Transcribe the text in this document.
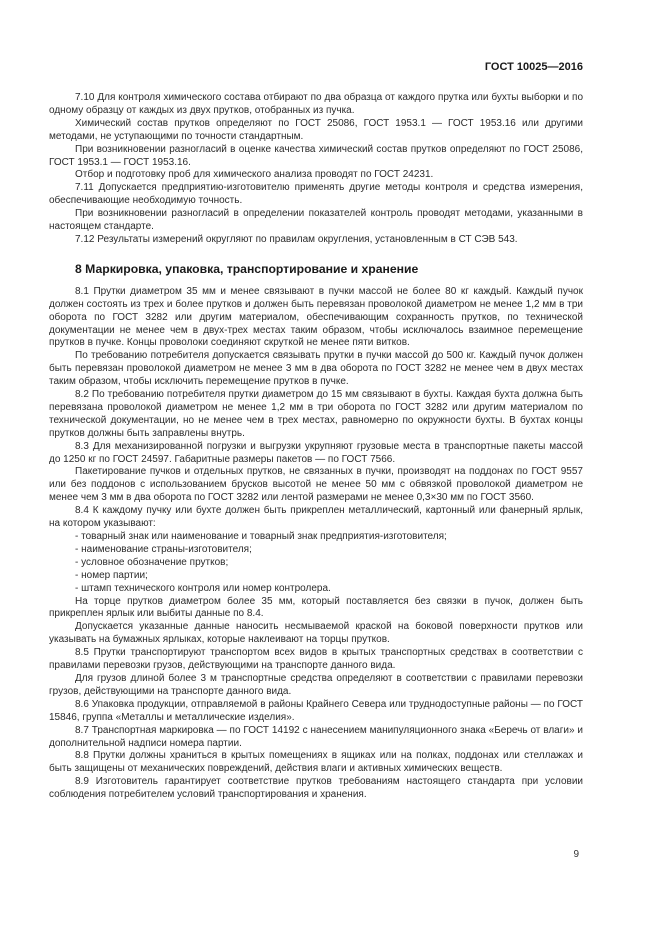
ГОСТ 10025—2016

7.10 Для контроля химического состава отбирают по два образца от каждого прутка или бухты выборки и по одному образцу от каждых из двух прутков, отобранных из пучка.

Химический состав прутков определяют по ГОСТ 25086, ГОСТ 1953.1 — ГОСТ 1953.16 или другими методами, не уступающими по точности стандартным.

При возникновении разногласий в оценке качества химический состав прутков определяют по ГОСТ 25086, ГОСТ 1953.1 — ГОСТ 1953.16.

Отбор и подготовку проб для химического анализа проводят по ГОСТ 24231.

7.11 Допускается предприятию-изготовителю применять другие методы контроля и средства измерения, обеспечивающие необходимую точность.

При возникновении разногласий в определении показателей контроль проводят методами, указанными в настоящем стандарте.

7.12 Результаты измерений округляют по правилам округления, установленным в СТ СЭВ 543.

8 Маркировка, упаковка, транспортирование и хранение

8.1 Прутки диаметром 35 мм и менее связывают в пучки массой не более 80 кг каждый. Каждый пучок должен состоять из трех и более прутков и должен быть перевязан проволокой диаметром не менее 1,2 мм в три оборота по ГОСТ 3282 или другим материалом, обеспечивающим сохранность прутков, по технической документации не менее чем в двух-трех местах таким образом, чтобы исключалось взаимное перемещение прутков в пучке. Концы проволоки соединяют скруткой не менее пяти витков.

По требованию потребителя допускается связывать прутки в пучки массой до 500 кг. Каждый пучок должен быть перевязан проволокой диаметром не менее 3 мм в два оборота по ГОСТ 3282 не менее чем в двух местах таким образом, чтобы исключить перемещение прутков в пучке.

8.2 По требованию потребителя прутки диаметром до 15 мм связывают в бухты. Каждая бухта должна быть перевязана проволокой диаметром не менее 1,2 мм в три оборота по ГОСТ 3282 или другим материалом по технической документации, но не менее чем в трех местах, равномерно по окружности бухты. В бухтах концы прутков должны быть заправлены внутрь.

8.3 Для механизированной погрузки и выгрузки укрупняют грузовые места в транспортные пакеты массой до 1250 кг по ГОСТ 24597. Габаритные размеры пакетов — по ГОСТ 7566.

Пакетирование пучков и отдельных прутков, не связанных в пучки, производят на поддонах по ГОСТ 9557 или без поддонов с использованием брусков высотой не менее 50 мм с обвязкой проволокой диаметром не менее чем 3 мм в два оборота по ГОСТ 3282 или лентой размерами не менее 0,3×30 мм по ГОСТ 3560.

8.4 К каждому пучку или бухте должен быть прикреплен металлический, картонный или фанерный ярлык, на котором указывают:

- товарный знак или наименование и товарный знак предприятия-изготовителя;

- наименование страны-изготовителя;

- условное обозначение прутков;

- номер партии;

- штамп технического контроля или номер контролера.

На торце прутков диаметром более 35 мм, который поставляется без связки в пучок, должен быть прикреплен ярлык или выбиты данные по 8.4.

Допускается указанные данные наносить несмываемой краской на боковой поверхности прутков или указывать на бумажных ярлыках, которые наклеивают на торцы прутков.

8.5 Прутки транспортируют транспортом всех видов в крытых транспортных средствах в соответствии с правилами перевозки грузов, действующими на транспорте данного вида.

Для грузов длиной более 3 м транспортные средства определяют в соответствии с правилами перевозки грузов, действующими на транспорте данного вида.

8.6 Упаковка продукции, отправляемой в районы Крайнего Севера или труднодоступные районы — по ГОСТ 15846, группа «Металлы и металлические изделия».

8.7 Транспортная маркировка — по ГОСТ 14192 с нанесением манипуляционного знака «Беречь от влаги» и дополнительной надписи номера партии.

8.8 Прутки должны храниться в крытых помещениях в ящиках или на полках, поддонах или стеллажах и быть защищены от механических повреждений, действия влаги и активных химических веществ.

8.9 Изготовитель гарантирует соответствие прутков требованиям настоящего стандарта при условии соблюдения потребителем условий транспортирования и хранения.

9
